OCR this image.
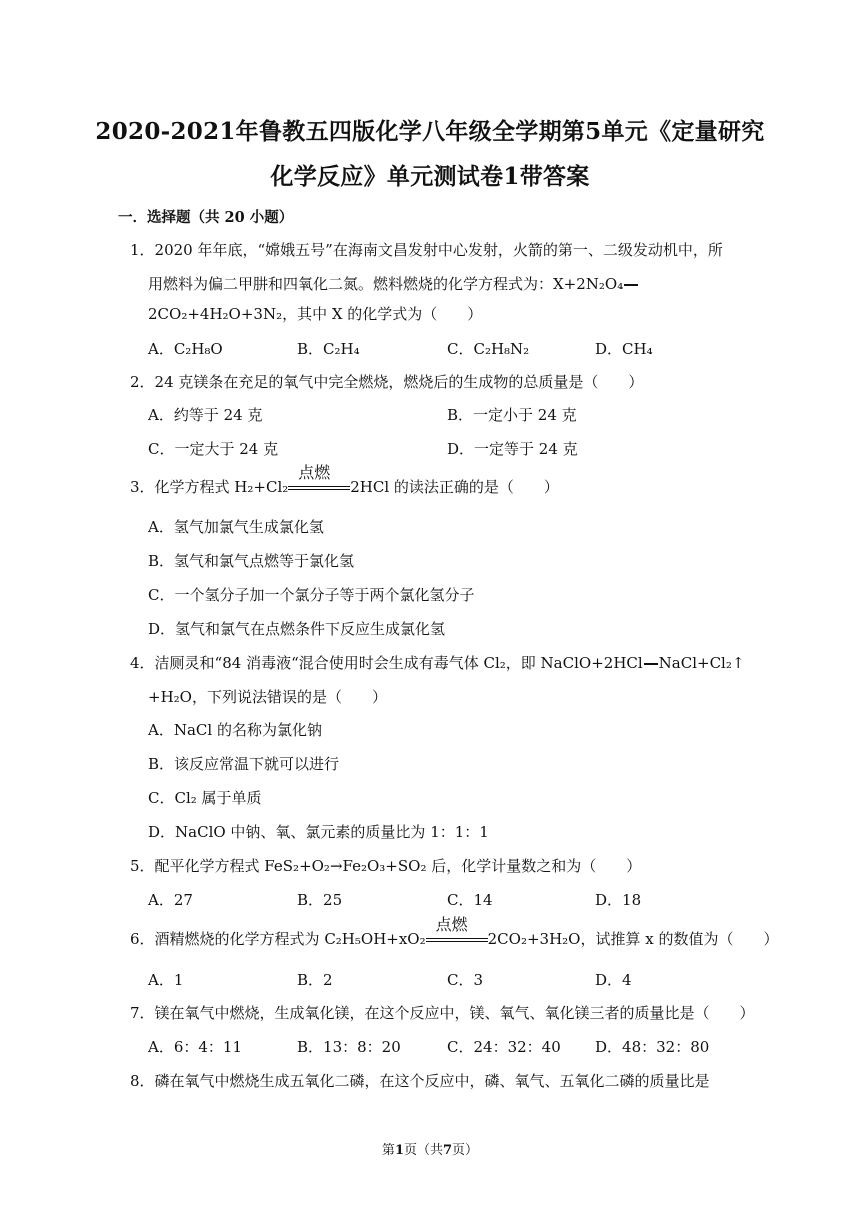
2020-2021年鲁教五四版化学八年级全学期第5单元《定量研究
化学反应》单元测试卷1带答案
一．选择题（共 20 小题）
1．2020 年年底，“嫦娥五号”在海南文昌发射中心发射，火箭的第一、二级发动机中，所
用燃料为偏二甲肼和四氧化二氮。燃料燃烧的化学方程式为：X+2N₂O₄
2CO₂+4H₂O+3N₂，其中 X 的化学式为（　　）
A．C₂H₈O	B．C₂H₄	C．C₂H₈N₂	D．CH₄
2．24 克镁条在充足的氧气中完全燃烧，燃烧后的生成物的总质量是（　　）
A．约等于 24 克	B．一定小于 24 克
C．一定大于 24 克	D．一定等于 24 克
3．化学方程式 H₂+Cl₂
点燃
2HCl 的读法正确的是（　　）
A．氢气加氯气生成氯化氢
B．氢气和氯气点燃等于氯化氢
C．一个氢分子加一个氯分子等于两个氯化氢分子
D．氢气和氯气在点燃条件下反应生成氯化氢
4．洁厕灵和“84 消毒液“混合使用时会生成有毒气体 Cl₂，即 NaClO+2HCl NaCl+Cl₂↑
+H₂O，下列说法错误的是（　　）
A．NaCl 的名称为氯化钠
B．该反应常温下就可以进行
C．Cl₂ 属于单质
D．NaClO 中钠、氧、氯元素的质量比为 1：1：1
5．配平化学方程式 FeS₂+O₂→Fe₂O₃+SO₂ 后，化学计量数之和为（　　）
A．27	B．25	C．14	D．18
6．酒精燃烧的化学方程式为 C₂H₅OH+xO₂
点燃
2CO₂+3H₂O，试推算 x 的数值为（　　）
A．1	B．2	C．3	D．4
7．镁在氧气中燃烧，生成氧化镁，在这个反应中，镁、氧气、氧化镁三者的质量比是（　　）
A．6：4：11	B．13：8：20	C．24：32：40 D．48：32：80
8．磷在氧气中燃烧生成五氧化二磷，在这个反应中，磷、氧气、五氧化二磷的质量比是
第1页（共7页）
